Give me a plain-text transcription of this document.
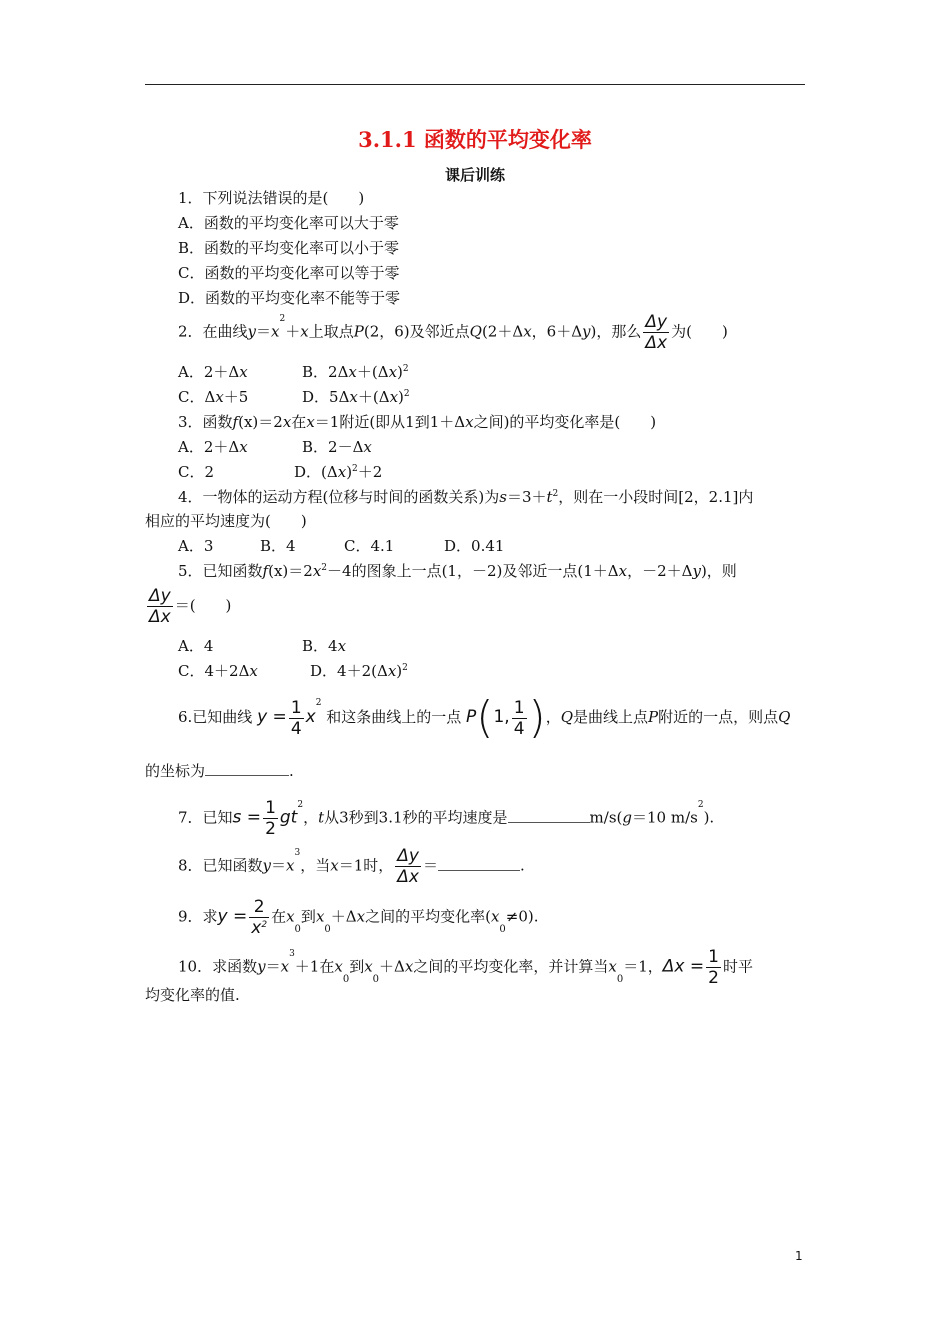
3.1.1 函数的平均变化率
课后训练
1．下列说法错误的是(　　)
A．函数的平均变化率可以大于零
B．函数的平均变化率可以小于零
C．函数的平均变化率可以等于零
D．函数的平均变化率不能等于零
2．在曲线$y=x^2+x$上取点P(2，6)及邻近点Q(2＋Δx，6＋Δy)，那么 $\frac{\Delta y}{\Delta x}$ 为(　　)
A．2＋Δx	B．$2\Delta x+(\Delta x)^2$
C．Δx＋5	D．$5\Delta x+(\Delta x)^2$
3．函数f(x)＝2x在x＝1附近(即从1到1＋Δx之间)的平均变化率是(　　)
A．2＋Δx	B．2－Δx
C．2	D．$(\Delta x)^2+2$
4．一物体的运动方程(位移与时间的函数关系)为$s=3+t^2$，则在一小段时间[2，2.1]内
相应的平均速度为(　　)
A．3	B．4	C．4.1	D．0.41
5．已知函数$f(x)=2x^2-4$的图象上一点(1，－2)及邻近一点(1＋Δx，－2＋Δy)，则
$\frac{\Delta y}{\Delta x}$ ＝(　　)
A．4	B．4x
C．4＋2Δx	D．$4+2(\Delta x)^2$
6.已知曲线 $y = \frac{1}{4} x^2$ 和这条曲线上的一点 P(1, $\frac{1}{4}$ )，Q是曲线上点P附近的一点，则点Q
的坐标为	.
7．已知$s = \frac{1}{2} gt^2$，t从3秒到3.1秒的平均速度是	m/s(g＝10 $m/s^2$).
8．已知函数$y=x^3$，当x＝1时， $\frac{\Delta y}{\Delta x}$ ＝	.
9．求$y = \frac{2}{x^2}$ 在$x_0$到$x_0+\Delta x$之间的平均变化率$(x_0\ne 0)$.
10．求函数$y=x^3+1$在$x_0$到$x_0+\Delta x$之间的平均变化率，并计算当$x_0=1$，$\Delta x = \frac{1}{2}$ 时平
均变化率的值.
1
